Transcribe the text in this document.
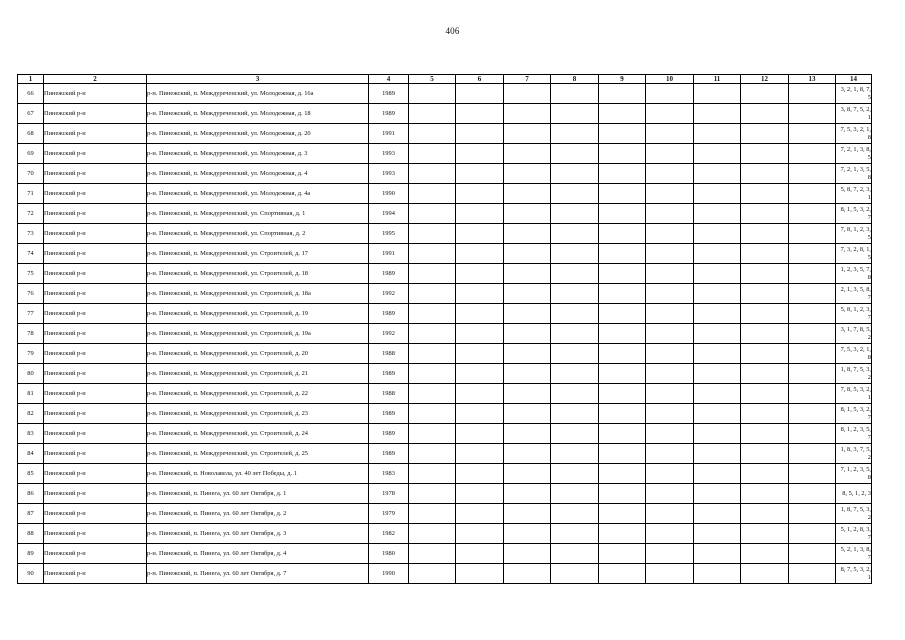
406
1	2	3	4	5	6	7	8	9	10	11	12	13	14
66	Пинежский р-н	р-н. Пинежский, п. Междуреченский, ул. Молодежная, д. 16а	1989										3, 2, 1, 8, 7, 5
67	Пинежский р-н	р-н. Пинежский, п. Междуреченский, ул. Молодежная, д. 18	1989										3, 8, 7, 5, 2, 1
68	Пинежский р-н	р-н. Пинежский, п. Междуреченский, ул. Молодежная, д. 20	1991										7, 5, 3, 2, 1, 8
69	Пинежский р-н	р-н. Пинежский, п. Междуреченский, ул. Молодежная, д. 3	1993										7, 2, 1, 3, 8, 5
70	Пинежский р-н	р-н. Пинежский, п. Междуреченский, ул. Молодежная, д. 4	1993										7, 2, 1, 3, 5, 8
71	Пинежский р-н	р-н. Пинежский, п. Междуреченский, ул. Молодежная, д. 4а	1990										5, 8, 7, 2, 3, 1
72	Пинежский р-н	р-н. Пинежский, п. Междуреченский, ул. Спортивная, д. 1	1994										8, 1, 5, 3, 2, 7
73	Пинежский р-н	р-н. Пинежский, п. Междуреченский, ул. Спортивная, д. 2	1995										7, 8, 1, 2, 3, 5
74	Пинежский р-н	р-н. Пинежский, п. Междуреченский, ул. Строителей, д. 17	1991										7, 3, 2, 8, 1, 5
75	Пинежский р-н	р-н. Пинежский, п. Междуреченский, ул. Строителей, д. 18	1989										1, 2, 3, 5, 7, 8
76	Пинежский р-н	р-н. Пинежский, п. Междуреченский, ул. Строителей, д. 18а	1992										2, 1, 3, 5, 8, 7
77	Пинежский р-н	р-н. Пинежский, п. Междуреченский, ул. Строителей, д. 19	1989										5, 8, 1, 2, 3, 7
78	Пинежский р-н	р-н. Пинежский, п. Междуреченский, ул. Строителей, д. 19а	1992										3, 1, 7, 8, 5, 2
79	Пинежский р-н	р-н. Пинежский, п. Междуреченский, ул. Строителей, д. 20	1988										7, 5, 3, 2, 1, 8
80	Пинежский р-н	р-н. Пинежский, п. Междуреченский, ул. Строителей, д. 21	1989										1, 8, 7, 5, 3, 2
81	Пинежский р-н	р-н. Пинежский, п. Междуреченский, ул. Строителей, д. 22	1988										7, 8, 5, 3, 2, 1
82	Пинежский р-н	р-н. Пинежский, п. Междуреченский, ул. Строителей, д. 23	1989										8, 1, 5, 3, 2, 7
83	Пинежский р-н	р-н. Пинежский, п. Междуреченский, ул. Строителей, д. 24	1989										8, 1, 2, 3, 5, 7
84	Пинежский р-н	р-н. Пинежский, п. Междуреченский, ул. Строителей, д. 25	1989										1, 8, 3, 7, 5, 2
85	Пинежский р-н	р-н. Пинежский, п. Новолавела, ул. 40 лет Победы, д. 1	1983										7, 1, 2, 3, 5, 8
86	Пинежский р-н	р-н. Пинежский, п. Пинега, ул. 60 лет Октября, д. 1	1978										8, 5, 1, 2, 3
87	Пинежский р-н	р-н. Пинежский, п. Пинега, ул. 60 лет Октября, д. 2	1979										1, 8, 7, 5, 3, 2
88	Пинежский р-н	р-н. Пинежский, п. Пинега, ул. 60 лет Октября, д. 3	1982										5, 1, 2, 8, 3, 7
89	Пинежский р-н	р-н. Пинежский, п. Пинега, ул. 60 лет Октября, д. 4	1980										5, 2, 1, 3, 8, 7
90	Пинежский р-н	р-н. Пинежский, п. Пинега, ул. 60 лет Октября, д. 7	1990										8, 7, 5, 3, 2, 1
